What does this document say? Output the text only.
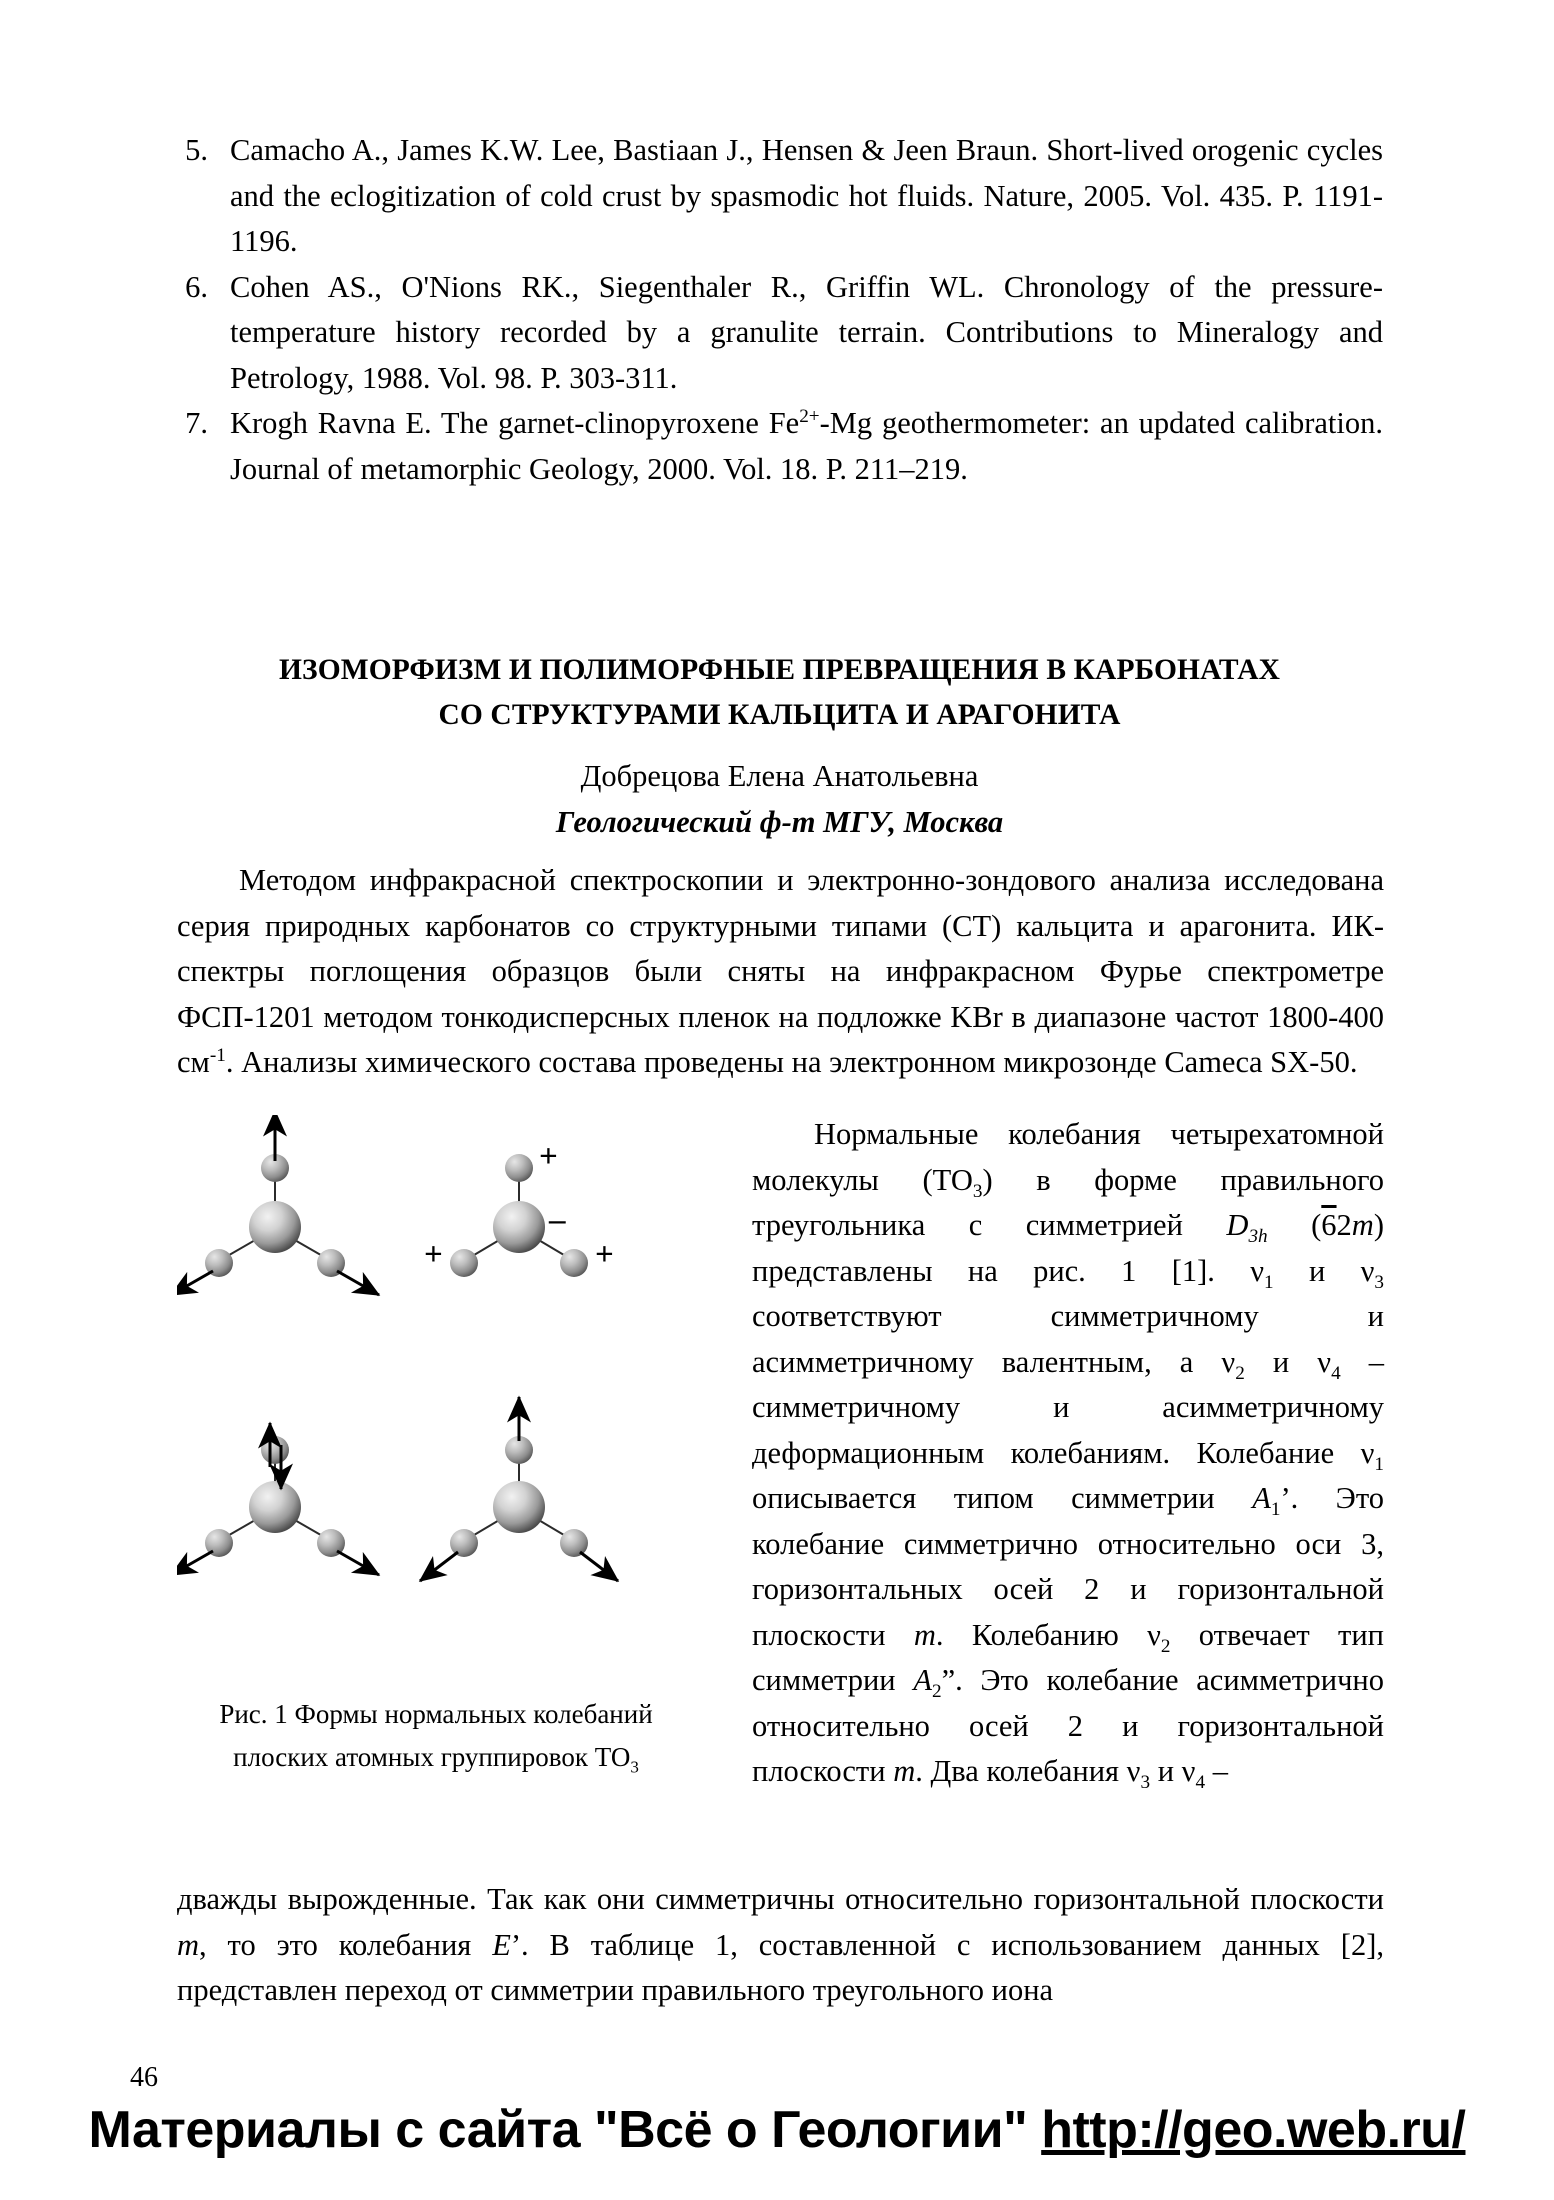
5. Camacho A., James K.W. Lee, Bastiaan J., Hensen & Jeen Braun. Short-lived orogenic cycles and the eclogitization of cold crust by spasmodic hot fluids. Nature, 2005. Vol. 435. P. 1191-1196.
6. Cohen AS., O'Nions RK., Siegenthaler R., Griffin WL. Chronology of the pressure-temperature history recorded by a granulite terrain. Contributions to Mineralogy and Petrology, 1988. Vol. 98. P. 303-311.
7. Krogh Ravna E. The garnet-clinopyroxene $Fe^{2+}-Mg$ geothermometer: an updated calibration. Journal of metamorphic Geology, 2000. Vol. 18. P. 211–219.
ИЗОМОРФИЗМ И ПОЛИМОРФНЫЕ ПРЕВРАЩЕНИЯ В КАРБОНАТАХ
СО СТРУКТУРАМИ КАЛЬЦИТА И АРАГОНИТА
Добрецова Елена Анатольевна
Геологический ф-т МГУ, Москва
Методом инфракрасной спектроскопии и электронно-зондового анализа исследована серия природных карбонатов со структурными типами (СТ) кальцита и арагонита. ИК-спектры поглощения образцов были сняты на инфракрасном Фурье спектрометре ФСП-1201 методом тонкодисперсных пленок на подложке KBr в диапазоне частот 1800-400 $см^{-1}$. Анализы химического состава проведены на электронном микрозонде Cameca SX-50.
+
–
+	+
Рис. 1 Формы нормальных колебаний
плоских атомных группировок $ТО_3$
Нормальные колебания четырехатомной молекулы $(ТО_3)$ в форме правильного треугольника с симметрией $D_{3h}$ (62m) представлены на рис. 1 [1]. $\nu_1$ и $\nu_3$ соответствуют симметричному и асимметричному валентным, а $\nu_2$ и $\nu_4$ – симметричному и асимметричному деформационным колебаниям. Колебание $\nu_1$ описывается типом симметрии $A_1$’. Это колебание симметрично относительно оси 3, горизонтальных осей 2 и горизонтальной плоскости m. Колебанию $\nu_2$ отвечает тип симметрии $A_2$”. Это колебание асимметрично относительно осей 2 и горизонтальной плоскости m. Два колебания $\nu_3$ и $\nu_4$ –
дважды вырожденные. Так как они симметричны относительно горизонтальной плоскости m, то это колебания E’. В таблице 1, составленной с использованием данных [2], представлен переход от симметрии правильного треугольного иона
46
Материалы с сайта "Всё о Геологии" http://geo.web.ru/
